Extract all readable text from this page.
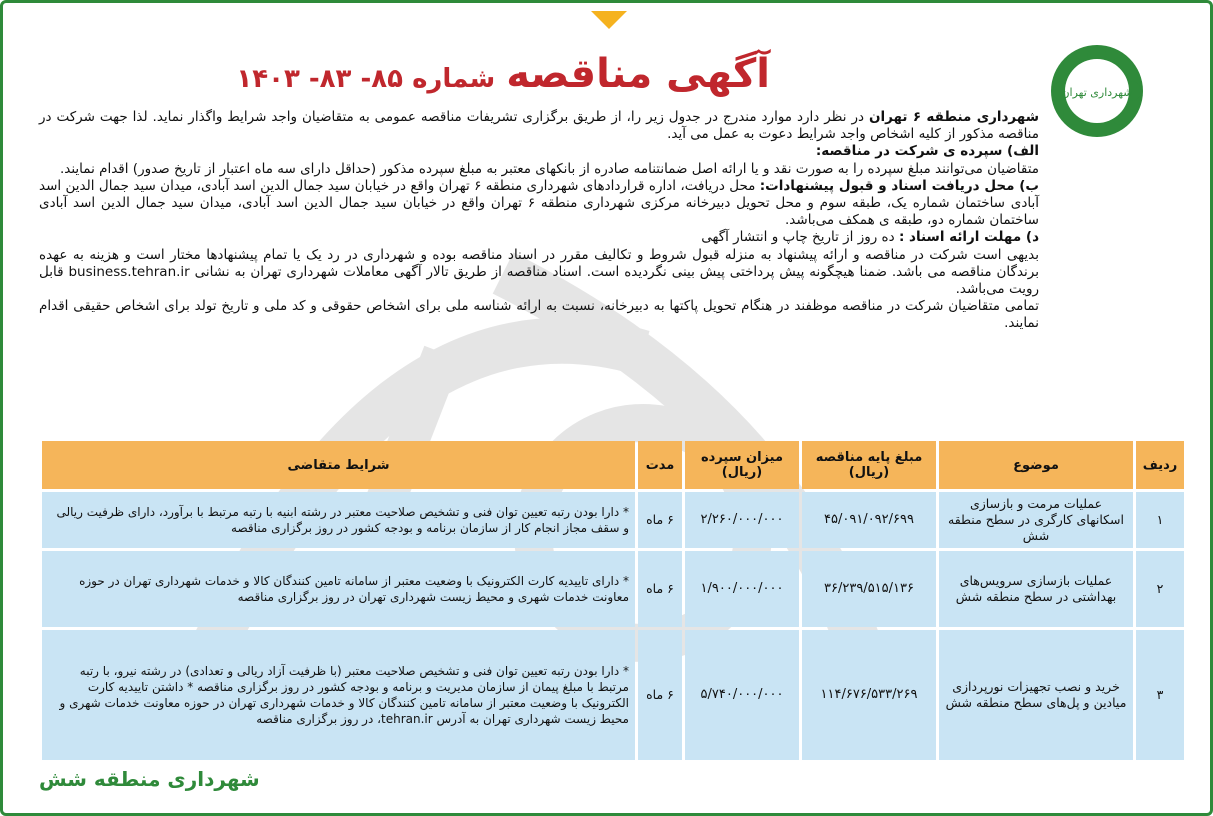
شهرداری تهران
آگهی مناقصه شماره ۸۵- ۸۳- ۱۴۰۳

شهرداری منطقه ۶ تهران در نظر دارد موارد مندرج در جدول زیر را، از طریق برگزاری تشریفات مناقصه عمومی به متقاضیان واجد شرایط واگذار نماید. لذا جهت شرکت در مناقصه مذکور از کلیه اشخاص واجد شرایط دعوت به عمل می آید.

الف) سپرده ی شرکت در مناقصه:
متقاضیان می‌توانند مبلغ سپرده را به صورت نقد و یا ارائه اصل ضمانتنامه صادره از بانکهای معتبر به مبلغ سپرده مذکور (حداقل دارای سه ماه اعتبار از تاریخ صدور) اقدام نمایند.

ب) محل دریافت اسناد و قبول پیشنهادات: محل دریافت، اداره قراردادهای شهرداری منطقه ۶ تهران واقع در خیابان سید جمال الدین اسد آبادی، میدان سید جمال الدین اسد آبادی ساختمان شماره یک، طبقه سوم و محل تحویل دبیرخانه مرکزی شهرداری منطقه ۶ تهران واقع در خیابان سید جمال الدین اسد آبادی، میدان سید جمال الدین اسد آبادی ساختمان شماره دو، طبقه ی همکف می‌باشد.

د) مهلت ارائه اسناد : ده روز از تاریخ چاپ و انتشار آگهی

بدیهی است شرکت در مناقصه و ارائه پیشنهاد به منزله قبول شروط و تکالیف مقرر در اسناد مناقصه بوده و شهرداری در رد یک یا تمام پیشنهادها مختار است و هزینه به عهده برندگان مناقصه می باشد. ضمنا هیچگونه پیش پرداختی پیش بینی نگردیده است. اسناد مناقصه از طریق تالار آگهی معاملات شهرداری تهران به نشانی business.tehran.ir قابل رویت می‌باشد.

تمامی متقاضیان شرکت در مناقصه موظفند در هنگام تحویل پاکتها به دبیرخانه، نسبت به ارائه شناسه ملی برای اشخاص حقوقی و کد ملی و تاریخ تولد برای اشخاص حقیقی اقدام نمایند.

ردیف	موضوع	مبلغ پایه مناقصه (ریال)	میزان سپرده (ریال)	مدت	شرایط متقاضی
۱	عملیات مرمت و بازسازی اسکانهای کارگری در سطح منطقه شش	۴۵/۰۹۱/۰۹۲/۶۹۹	۲/۲۶۰/۰۰۰/۰۰۰	۶ ماه	* دارا بودن رتبه تعیین توان فنی و تشخیص صلاحیت معتبر در رشته ابنیه با رتبه مرتبط با برآورد، دارای ظرفیت ریالی و سقف مجاز انجام کار از سازمان برنامه و بودجه کشور در روز برگزاری مناقصه
۲	عملیات بازسازی سرویس‌های بهداشتی در سطح منطقه شش	۳۶/۲۳۹/۵۱۵/۱۳۶	۱/۹۰۰/۰۰۰/۰۰۰	۶ ماه	* دارای تاییدیه کارت الکترونیک با وضعیت معتبر از سامانه تامین کنندگان کالا و خدمات شهرداری تهران در حوزه معاونت خدمات شهری و محیط زیست شهرداری تهران در روز برگزاری مناقصه
۳	خرید و نصب تجهیزات نورپردازی میادین و پل‌های سطح منطقه شش	۱۱۴/۶۷۶/۵۳۳/۲۶۹	۵/۷۴۰/۰۰۰/۰۰۰	۶ ماه	* دارا بودن رتبه تعیین توان فنی و تشخیص صلاحیت معتبر (با ظرفیت آزاد ریالی و تعدادی) در رشته نیرو، با رتبه مرتبط با مبلغ پیمان از سازمان مدیریت و برنامه و بودجه کشور در روز برگزاری مناقصه * داشتن تاییدیه کارت الکترونیک با وضعیت معتبر از سامانه تامین کنندگان کالا و خدمات شهرداری تهران در حوزه معاونت خدمات شهری و محیط زیست شهرداری تهران به آدرس tehran.ir، در روز برگزاری مناقصه
شهرداری منطقه شش
